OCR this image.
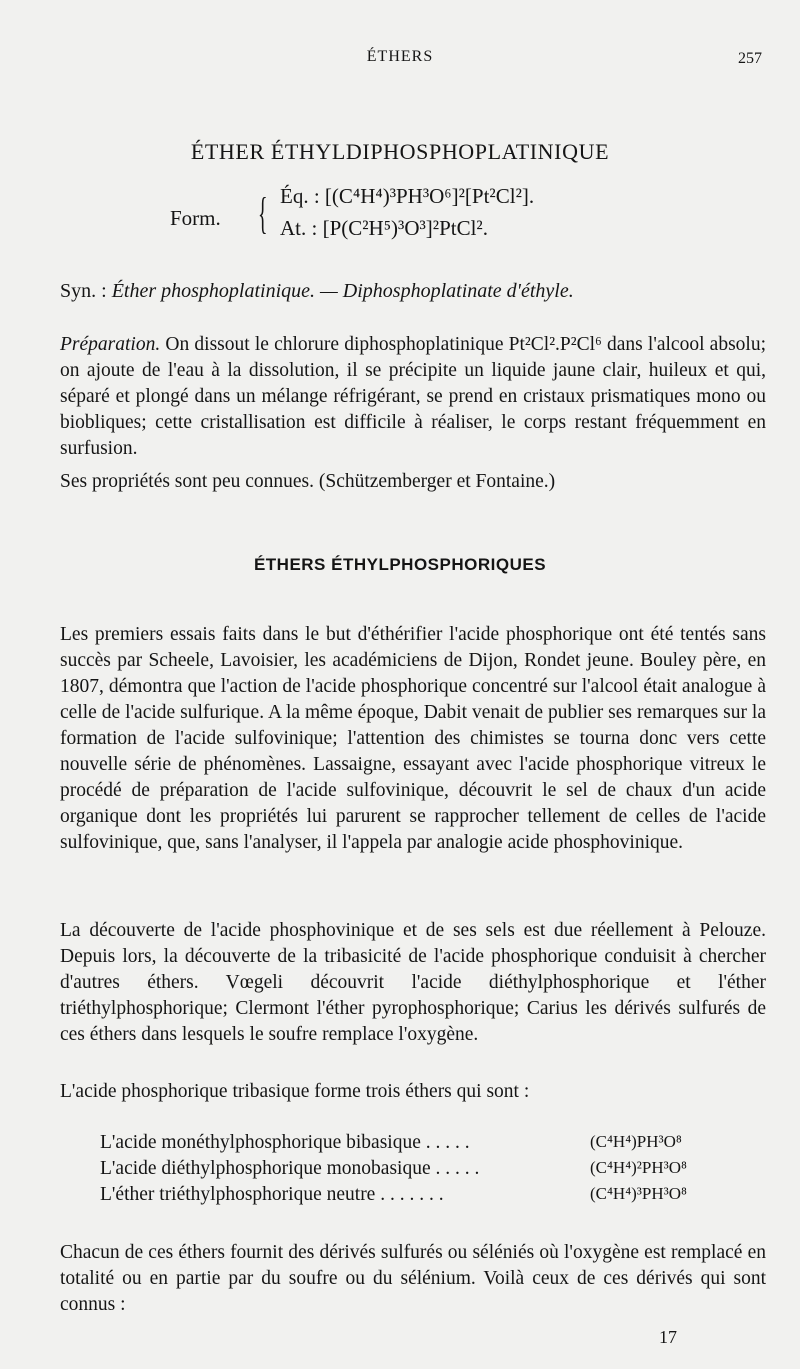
ÉTHERS	257
ÉTHER ÉTHYLDIPHOSPHOPLATINIQUE
Form. { Éq. : [(C⁴H⁴)³PH³O⁶]²[Pt²Cl²].
At. : [P(C²H⁵)³O³]²PtCl².
Syn. : Éther phosphoplatinique. — Diphosphoplatinate d'éthyle.
Préparation. On dissout le chlorure diphosphoplatinique Pt²Cl².P²Cl⁶ dans l'alcool absolu; on ajoute de l'eau à la dissolution, il se précipite un liquide jaune clair, huileux et qui, séparé et plongé dans un mélange réfrigérant, se prend en cristaux prismatiques mono ou biobliques; cette cristallisation est difficile à réaliser, le corps restant fréquemment en surfusion.
Ses propriétés sont peu connues. (Schützemberger et Fontaine.)
ÉTHERS ÉTHYLPHOSPHORIQUES
Les premiers essais faits dans le but d'éthérifier l'acide phosphorique ont été tentés sans succès par Scheele, Lavoisier, les académiciens de Dijon, Rondet jeune. Bouley père, en 1807, démontra que l'action de l'acide phosphorique concentré sur l'alcool était analogue à celle de l'acide sulfurique. A la même époque, Dabit venait de publier ses remarques sur la formation de l'acide sulfovinique; l'attention des chimistes se tourna donc vers cette nouvelle série de phénomènes. Lassaigne, essayant avec l'acide phosphorique vitreux le procédé de préparation de l'acide sulfovinique, découvrit le sel de chaux d'un acide organique dont les propriétés lui parurent se rapprocher tellement de celles de l'acide sulfovinique, que, sans l'analyser, il l'appela par analogie acide phosphovinique.
La découverte de l'acide phosphovinique et de ses sels est due réellement à Pelouze. Depuis lors, la découverte de la tribasicité de l'acide phosphorique conduisit à chercher d'autres éthers. Vœgeli découvrit l'acide diéthylphosphorique et l'éther triéthylphosphorique; Clermont l'éther pyrophosphorique; Carius les dérivés sulfurés de ces éthers dans lesquels le soufre remplace l'oxygène.
L'acide phosphorique tribasique forme trois éthers qui sont :
L'acide monéthylphosphorique bibasique . . . . .	(C⁴H⁴)PH³O⁸
L'acide diéthylphosphorique monobasique . . . . .	(C⁴H⁴)²PH³O⁸
L'éther triéthylphosphorique neutre . . . . . . .	(C⁴H⁴)³PH³O⁸
Chacun de ces éthers fournit des dérivés sulfurés ou séléniés où l'oxygène est remplacé en totalité ou en partie par du soufre ou du sélénium. Voilà ceux de ces dérivés qui sont connus :
17
